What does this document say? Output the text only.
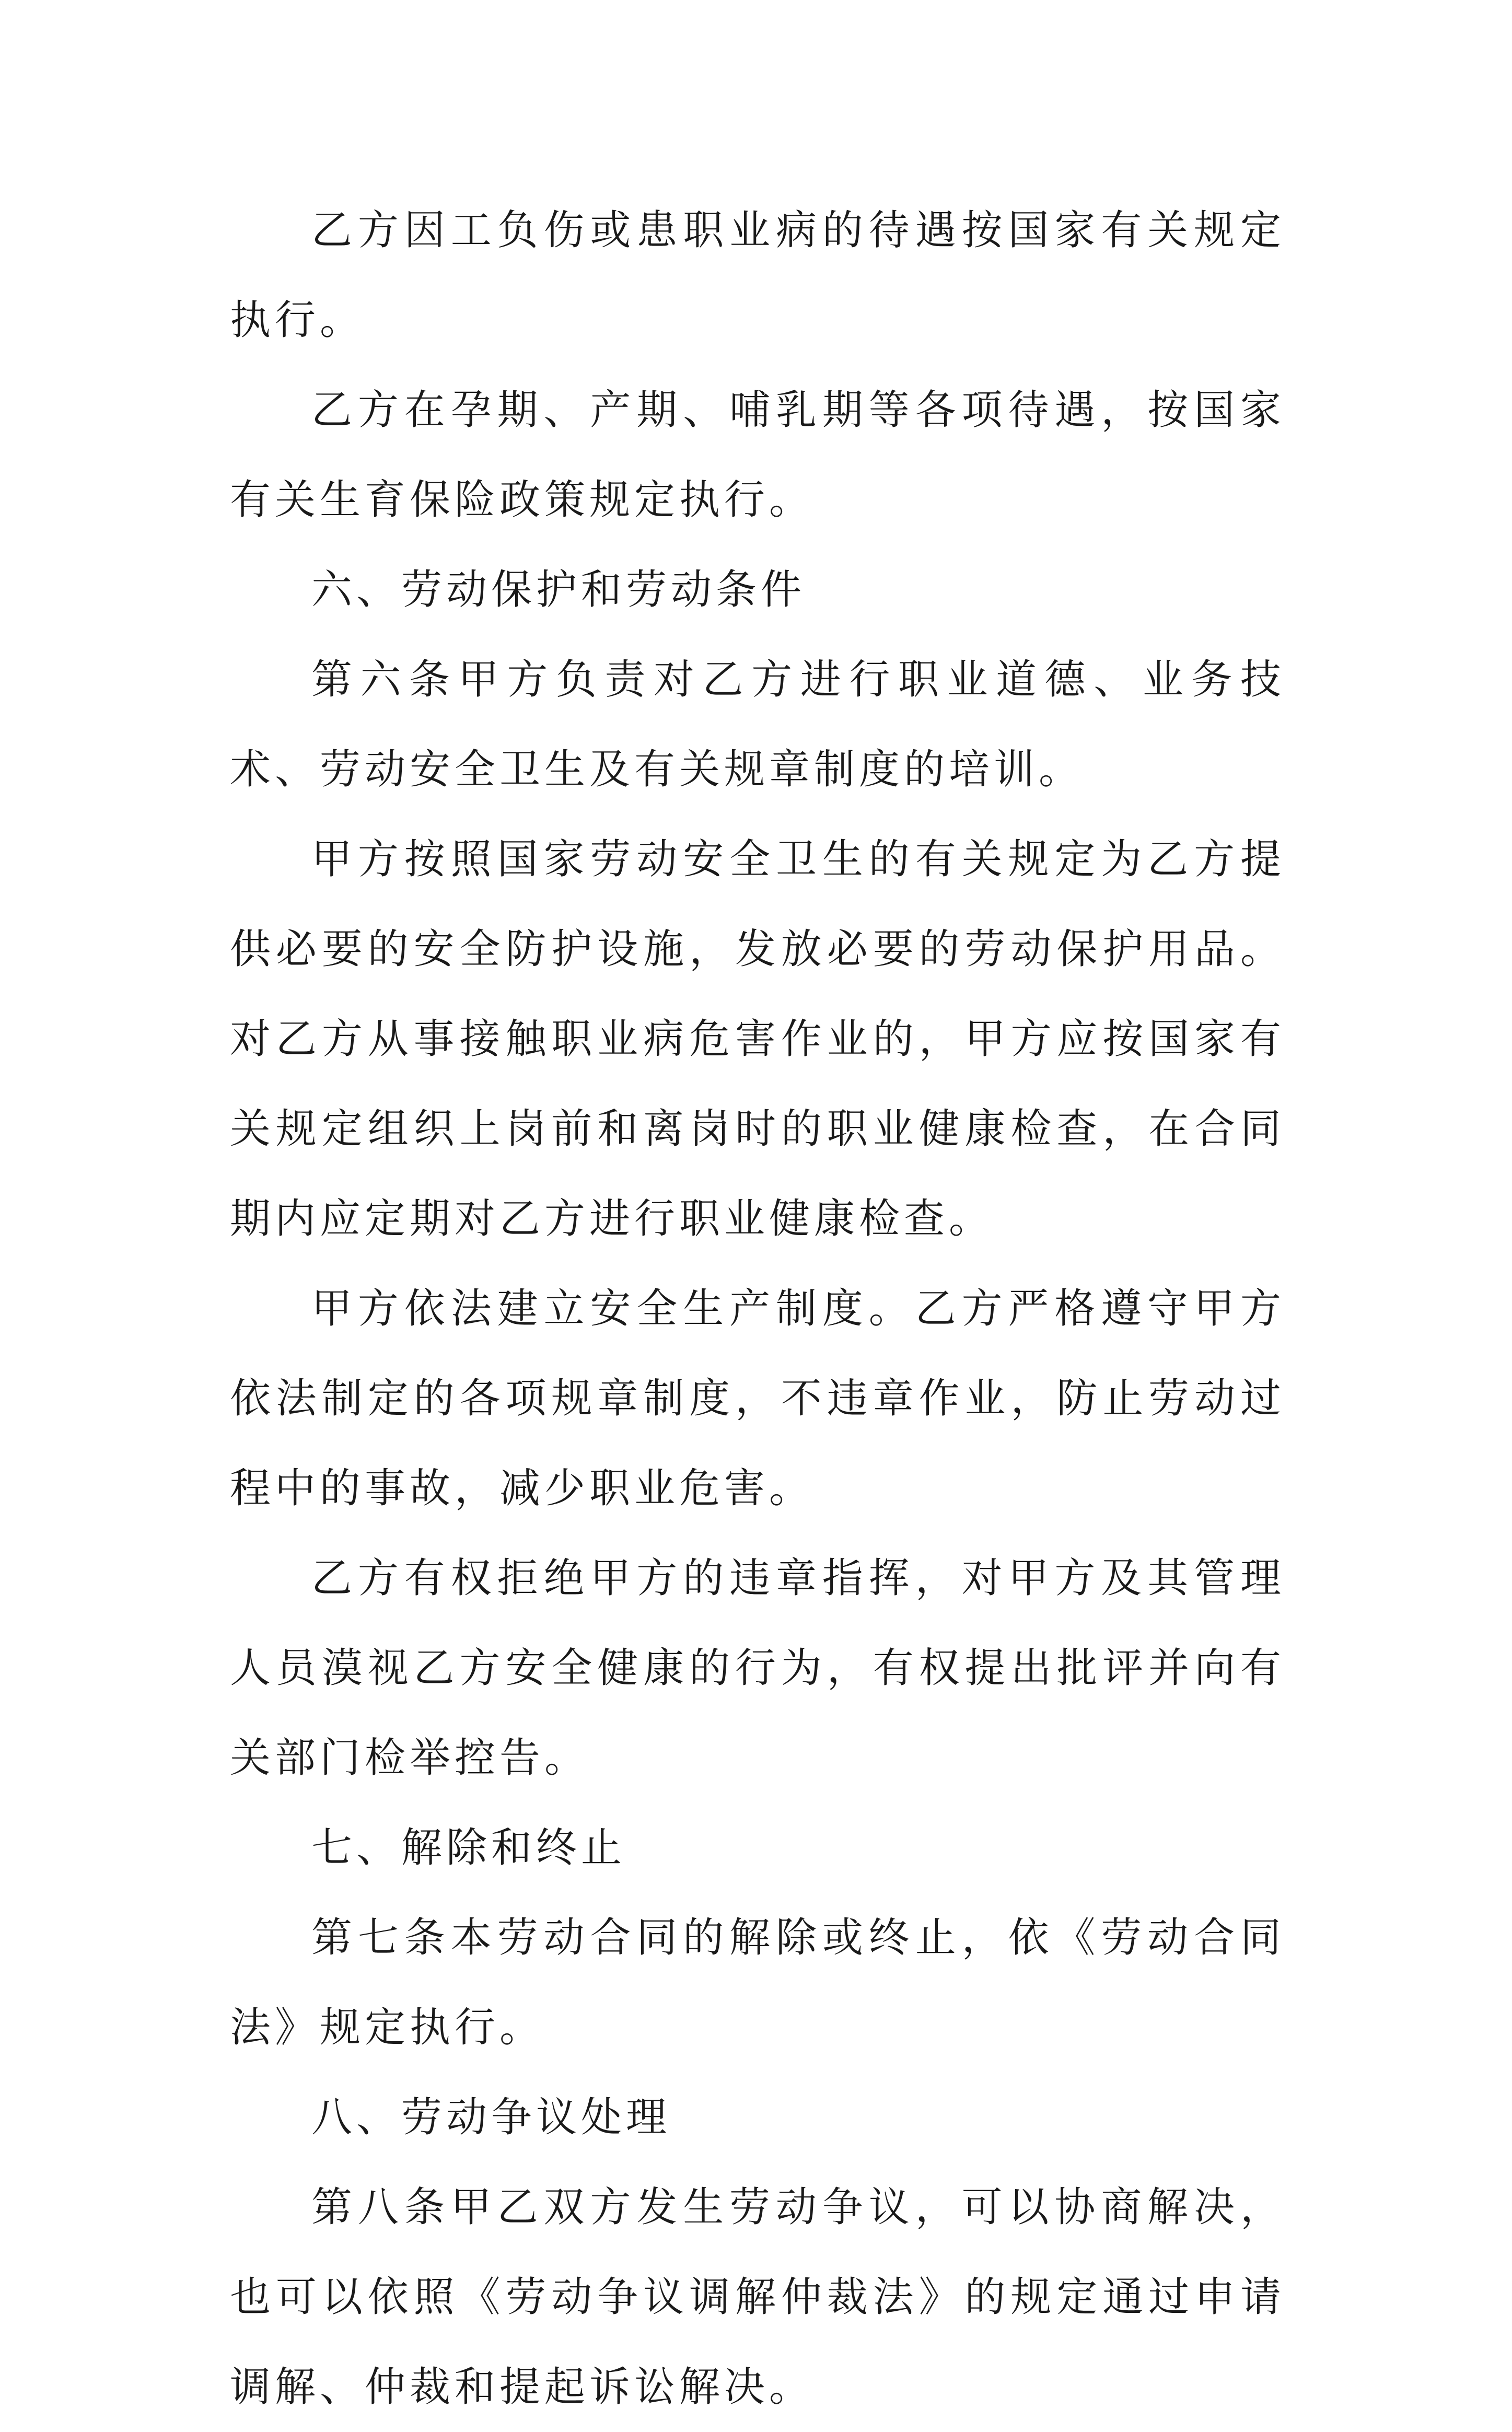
乙方因工负伤或患职业病的待遇按国家有关规定执行。

乙方在孕期、产期、哺乳期等各项待遇，按国家有关生育保险政策规定执行。

六、劳动保护和劳动条件

第六条甲方负责对乙方进行职业道德、业务技术、劳动安全卫生及有关规章制度的培训。

甲方按照国家劳动安全卫生的有关规定为乙方提供必要的安全防护设施，发放必要的劳动保护用品。对乙方从事接触职业病危害作业的，甲方应按国家有关规定组织上岗前和离岗时的职业健康检查，在合同期内应定期对乙方进行职业健康检查。

甲方依法建立安全生产制度。乙方严格遵守甲方依法制定的各项规章制度，不违章作业，防止劳动过程中的事故，减少职业危害。

乙方有权拒绝甲方的违章指挥，对甲方及其管理人员漠视乙方安全健康的行为，有权提出批评并向有关部门检举控告。

七、解除和终止

第七条本劳动合同的解除或终止，依《劳动合同法》规定执行。

八、劳动争议处理

第八条甲乙双方发生劳动争议，可以协商解决，也可以依照《劳动争议调解仲裁法》的规定通过申请调解、仲裁和提起诉讼解决。
